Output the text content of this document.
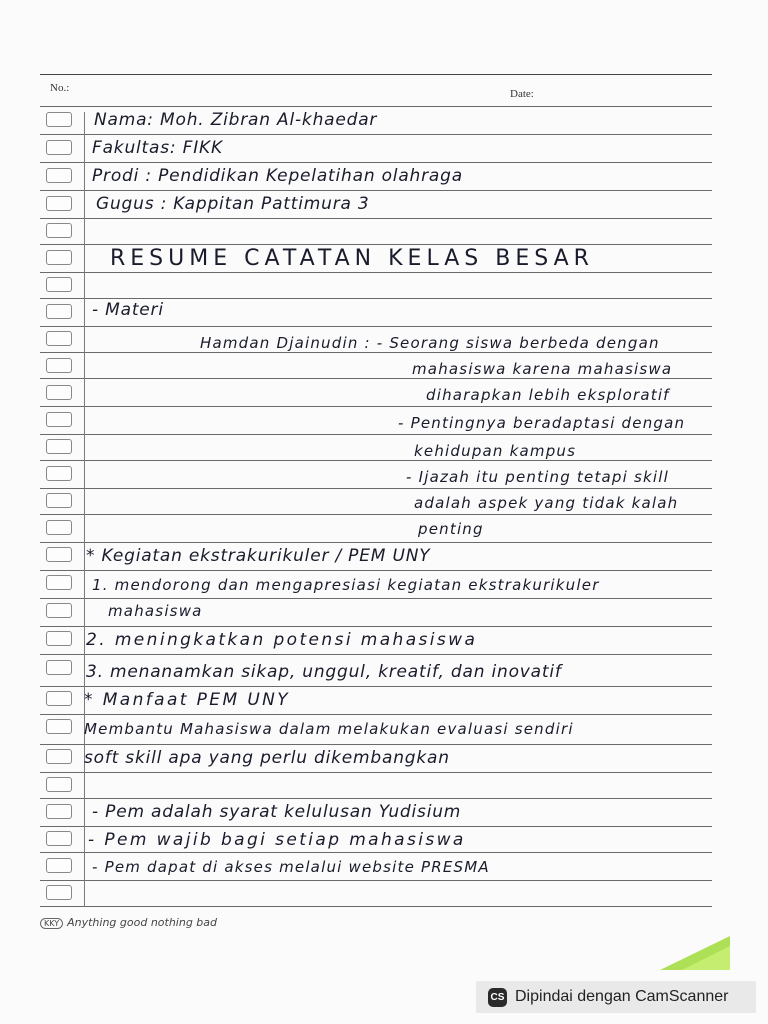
No.:	Date:
Nama: Moh. Zibran Al-khaedar
Fakultas: FIKK
Prodi : Pendidikan Kepelatihan olahraga
Gugus : Kappitan Pattimura 3
RESUME CATATAN KELAS BESAR
- Materi
Hamdan Djainudin : - Seorang siswa berbeda dengan
mahasiswa karena mahasiswa
diharapkan lebih eksploratif
- Pentingnya beradaptasi dengan
kehidupan kampus
- Ijazah itu penting tetapi skill
adalah aspek yang tidak kalah
penting
* Kegiatan ekstrakurikuler / PEM UNY
1. mendorong dan mengapresiasi kegiatan ekstrakurikuler
mahasiswa
2. meningkatkan potensi mahasiswa
3. menanamkan sikap, unggul, kreatif, dan inovatif
* Manfaat PEM UNY
Membantu Mahasiswa dalam melakukan evaluasi sendiri
soft skill apa yang perlu dikembangkan
- Pem adalah syarat kelulusan Yudisium
- Pem wajib bagi setiap mahasiswa
- Pem dapat di akses melalui website PRESMA
KKY Anything good nothing bad
CS Dipindai dengan CamScanner
